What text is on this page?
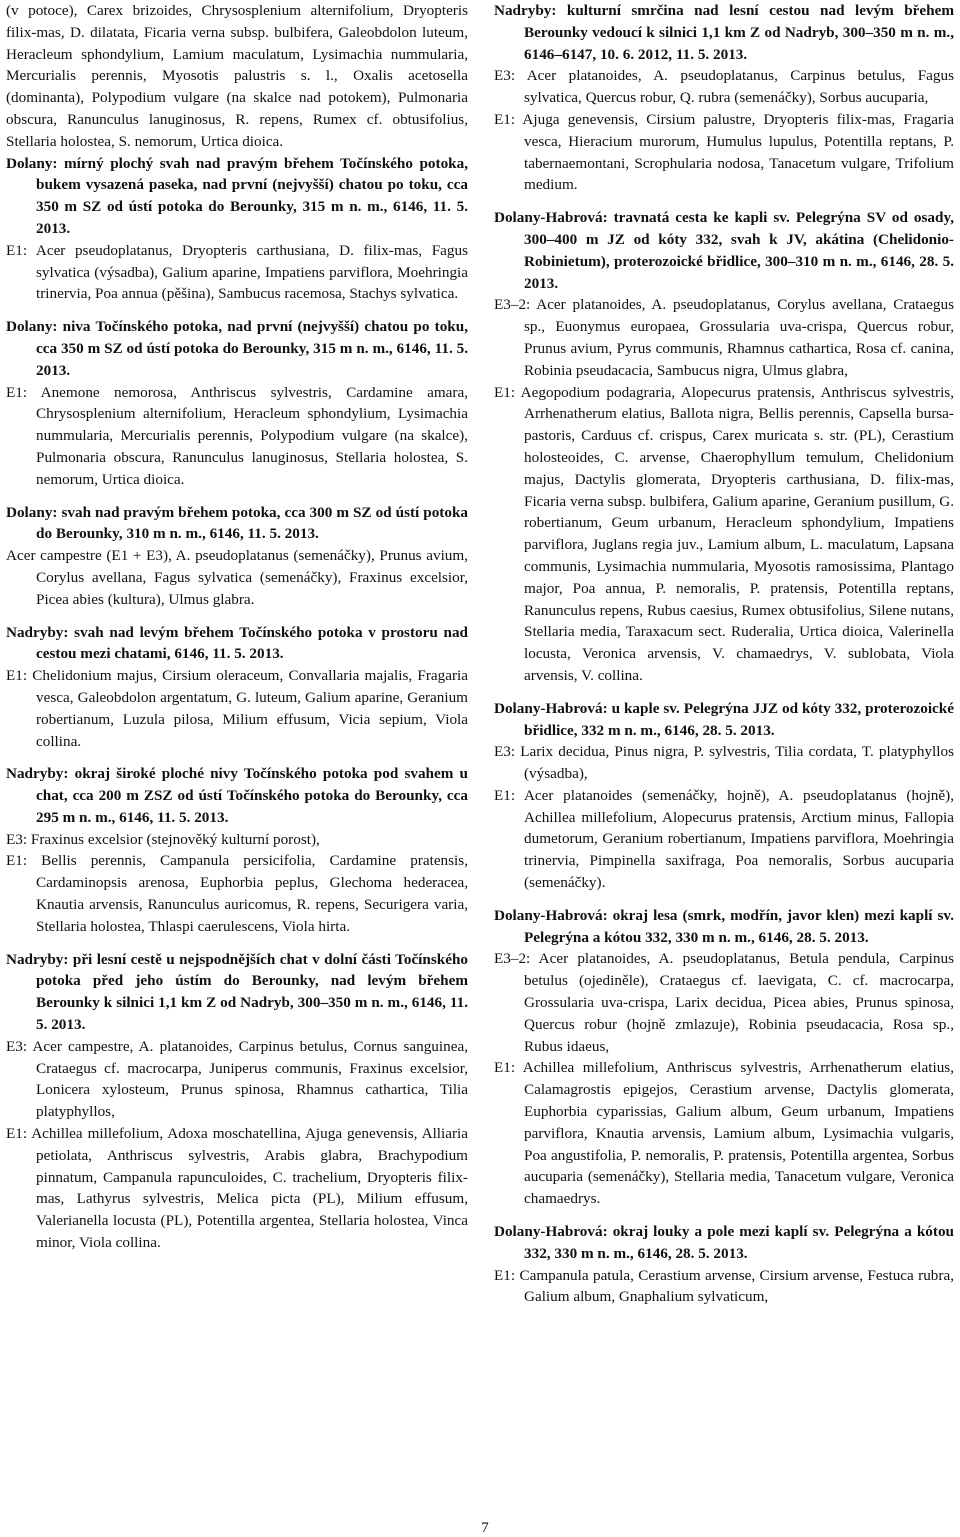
(v potoce), Carex brizoides, Chrysosplenium alternifolium, Dryopteris filix-mas, D. dilatata, Ficaria verna subsp. bulbifera, Galeobdolon luteum, Heracleum sphondylium, Lamium maculatum, Lysimachia nummularia, Mercurialis perennis, Myosotis palustris s. l., Oxalis acetosella (dominanta), Polypodium vulgare (na skalce nad potokem), Pulmonaria obscura, Ranunculus lanuginosus, R. repens, Rumex cf. obtusifolius, Stellaria holostea, S. nemorum, Urtica dioica.

Dolany: mírný plochý svah nad pravým břehem Točínského potoka, bukem vysazená paseka, nad první (nejvyšší) chatou po toku, cca 350 m SZ od ústí potoka do Berounky, 315 m n. m., 6146, 11. 5. 2013.

E1: Acer pseudoplatanus, Dryopteris carthusiana, D. filix-mas, Fagus sylvatica (výsadba), Galium aparine, Impatiens parviflora, Moehringia trinervia, Poa annua (pěšina), Sambucus racemosa, Stachys sylvatica.

Dolany: niva Točínského potoka, nad první (nejvyšší) chatou po toku, cca 350 m SZ od ústí potoka do Berounky, 315 m n. m., 6146, 11. 5. 2013.

E1: Anemone nemorosa, Anthriscus sylvestris, Cardamine amara, Chrysosplenium alternifolium, Heracleum sphondylium, Lysimachia nummularia, Mercurialis perennis, Polypodium vulgare (na skalce), Pulmonaria obscura, Ranunculus lanuginosus, Stellaria holostea, S. nemorum, Urtica dioica.

Dolany: svah nad pravým břehem potoka, cca 300 m SZ od ústí potoka do Berounky, 310 m n. m., 6146, 11. 5. 2013.

Acer campestre (E1 + E3), A. pseudoplatanus (semenáčky), Prunus avium, Corylus avellana, Fagus sylvatica (semenáčky), Fraxinus excelsior, Picea abies (kultura), Ulmus glabra.

Nadryby: svah nad levým břehem Točínského potoka v prostoru nad cestou mezi chatami, 6146, 11. 5. 2013.

E1: Chelidonium majus, Cirsium oleraceum, Convallaria majalis, Fragaria vesca, Galeobdolon argentatum, G. luteum, Galium aparine, Geranium robertianum, Luzula pilosa, Milium effusum, Vicia sepium, Viola collina.

Nadryby: okraj široké ploché nivy Točínského potoka pod svahem u chat, cca 200 m ZSZ od ústí Točínského potoka do Berounky, cca 295 m n. m., 6146, 11. 5. 2013.

E3: Fraxinus excelsior (stejnověký kulturní porost),

E1: Bellis perennis, Campanula persicifolia, Cardamine pratensis, Cardaminopsis arenosa, Euphorbia peplus, Glechoma hederacea, Knautia arvensis, Ranunculus auricomus, R. repens, Securigera varia, Stellaria holostea, Thlaspi caerulescens, Viola hirta.

Nadryby: při lesní cestě u nejspodnějších chat v dolní části Točínského potoka před jeho ústím do Berounky, nad levým břehem Berounky k silnici 1,1 km Z od Nadryb, 300–350 m n. m., 6146, 11. 5. 2013.

E3: Acer campestre, A. platanoides, Carpinus betulus, Cornus sanguinea, Crataegus cf. macrocarpa, Juniperus communis, Fraxinus excelsior, Lonicera xylosteum, Prunus spinosa, Rhamnus cathartica, Tilia platyphyllos,

E1: Achillea millefolium, Adoxa moschatellina, Ajuga genevensis, Alliaria petiolata, Anthriscus sylvestris, Arabis glabra, Brachypodium pinnatum, Campanula rapunculoides, C. trachelium, Dryopteris filix-mas, Lathyrus sylvestris, Melica picta (PL), Milium effusum, Valerianella locusta (PL), Potentilla argentea, Stellaria holostea, Vinca minor, Viola collina.

Nadryby: kulturní smrčina nad lesní cestou nad levým břehem Berounky vedoucí k silnici 1,1 km Z od Nadryb, 300–350 m n. m., 6146–6147, 10. 6. 2012, 11. 5. 2013.

E3: Acer platanoides, A. pseudoplatanus, Carpinus betulus, Fagus sylvatica, Quercus robur, Q. rubra (semenáčky), Sorbus aucuparia,

E1: Ajuga genevensis, Cirsium palustre, Dryopteris filix-mas, Fragaria vesca, Hieracium murorum, Humulus lupulus, Potentilla reptans, P. tabernaemontani, Scrophularia nodosa, Tanacetum vulgare, Trifolium medium.

Dolany-Habrová: travnatá cesta ke kapli sv. Pelegrýna SV od osady, 300–400 m JZ od kóty 332, svah k JV, akátina (Chelidonio-Robinietum), proterozoické břidlice, 300–310 m n. m., 6146, 28. 5. 2013.

E3–2: Acer platanoides, A. pseudoplatanus, Corylus avellana, Crataegus sp., Euonymus europaea, Grossularia uva-crispa, Quercus robur, Prunus avium, Pyrus communis, Rhamnus cathartica, Rosa cf. canina, Robinia pseudacacia, Sambucus nigra, Ulmus glabra,

E1: Aegopodium podagraria, Alopecurus pratensis, Anthriscus sylvestris, Arrhenatherum elatius, Ballota nigra, Bellis perennis, Capsella bursa-pastoris, Carduus cf. crispus, Carex muricata s. str. (PL), Cerastium holosteoides, C. arvense, Chaerophyllum temulum, Chelidonium majus, Dactylis glomerata, Dryopteris carthusiana, D. filix-mas, Ficaria verna subsp. bulbifera, Galium aparine, Geranium pusillum, G. robertianum, Geum urbanum, Heracleum sphondylium, Impatiens parviflora, Juglans regia juv., Lamium album, L. maculatum, Lapsana communis, Lysimachia nummularia, Myosotis ramosissima, Plantago major, Poa annua, P. nemoralis, P. pratensis, Potentilla reptans, Ranunculus repens, Rubus caesius, Rumex obtusifolius, Silene nutans, Stellaria media, Taraxacum sect. Ruderalia, Urtica dioica, Valerinella locusta, Veronica arvensis, V. chamaedrys, V. sublobata, Viola arvensis, V. collina.

Dolany-Habrová: u kaple sv. Pelegrýna JJZ od kóty 332, proterozoické břidlice, 332 m n. m., 6146, 28. 5. 2013.

E3: Larix decidua, Pinus nigra, P. sylvestris, Tilia cordata, T. platyphyllos (výsadba),

E1: Acer platanoides (semenáčky, hojně), A. pseudoplatanus (hojně), Achillea millefolium, Alopecurus pratensis, Arctium minus, Fallopia dumetorum, Geranium robertianum, Impatiens parviflora, Moehringia trinervia, Pimpinella saxifraga, Poa nemoralis, Sorbus aucuparia (semenáčky).

Dolany-Habrová: okraj lesa (smrk, modřín, javor klen) mezi kaplí sv. Pelegrýna a kótou 332, 330 m n. m., 6146, 28. 5. 2013.

E3–2: Acer platanoides, A. pseudoplatanus, Betula pendula, Carpinus betulus (ojediněle), Crataegus cf. laevigata, C. cf. macrocarpa, Grossularia uva-crispa, Larix decidua, Picea abies, Prunus spinosa, Quercus robur (hojně zmlazuje), Robinia pseudacacia, Rosa sp., Rubus idaeus,

E1: Achillea millefolium, Anthriscus sylvestris, Arrhenatherum elatius, Calamagrostis epigejos, Cerastium arvense, Dactylis glomerata, Euphorbia cyparissias, Galium album, Geum urbanum, Impatiens parviflora, Knautia arvensis, Lamium album, Lysimachia vulgaris, Poa angustifolia, P. nemoralis, P. pratensis, Potentilla argentea, Sorbus aucuparia (semenáčky), Stellaria media, Tanacetum vulgare, Veronica chamaedrys.

Dolany-Habrová: okraj louky a pole mezi kaplí sv. Pelegrýna a kótou 332, 330 m n. m., 6146, 28. 5. 2013.

E1: Campanula patula, Cerastium arvense, Cirsium arvense, Festuca rubra, Galium album, Gnaphalium sylvaticum,

7
